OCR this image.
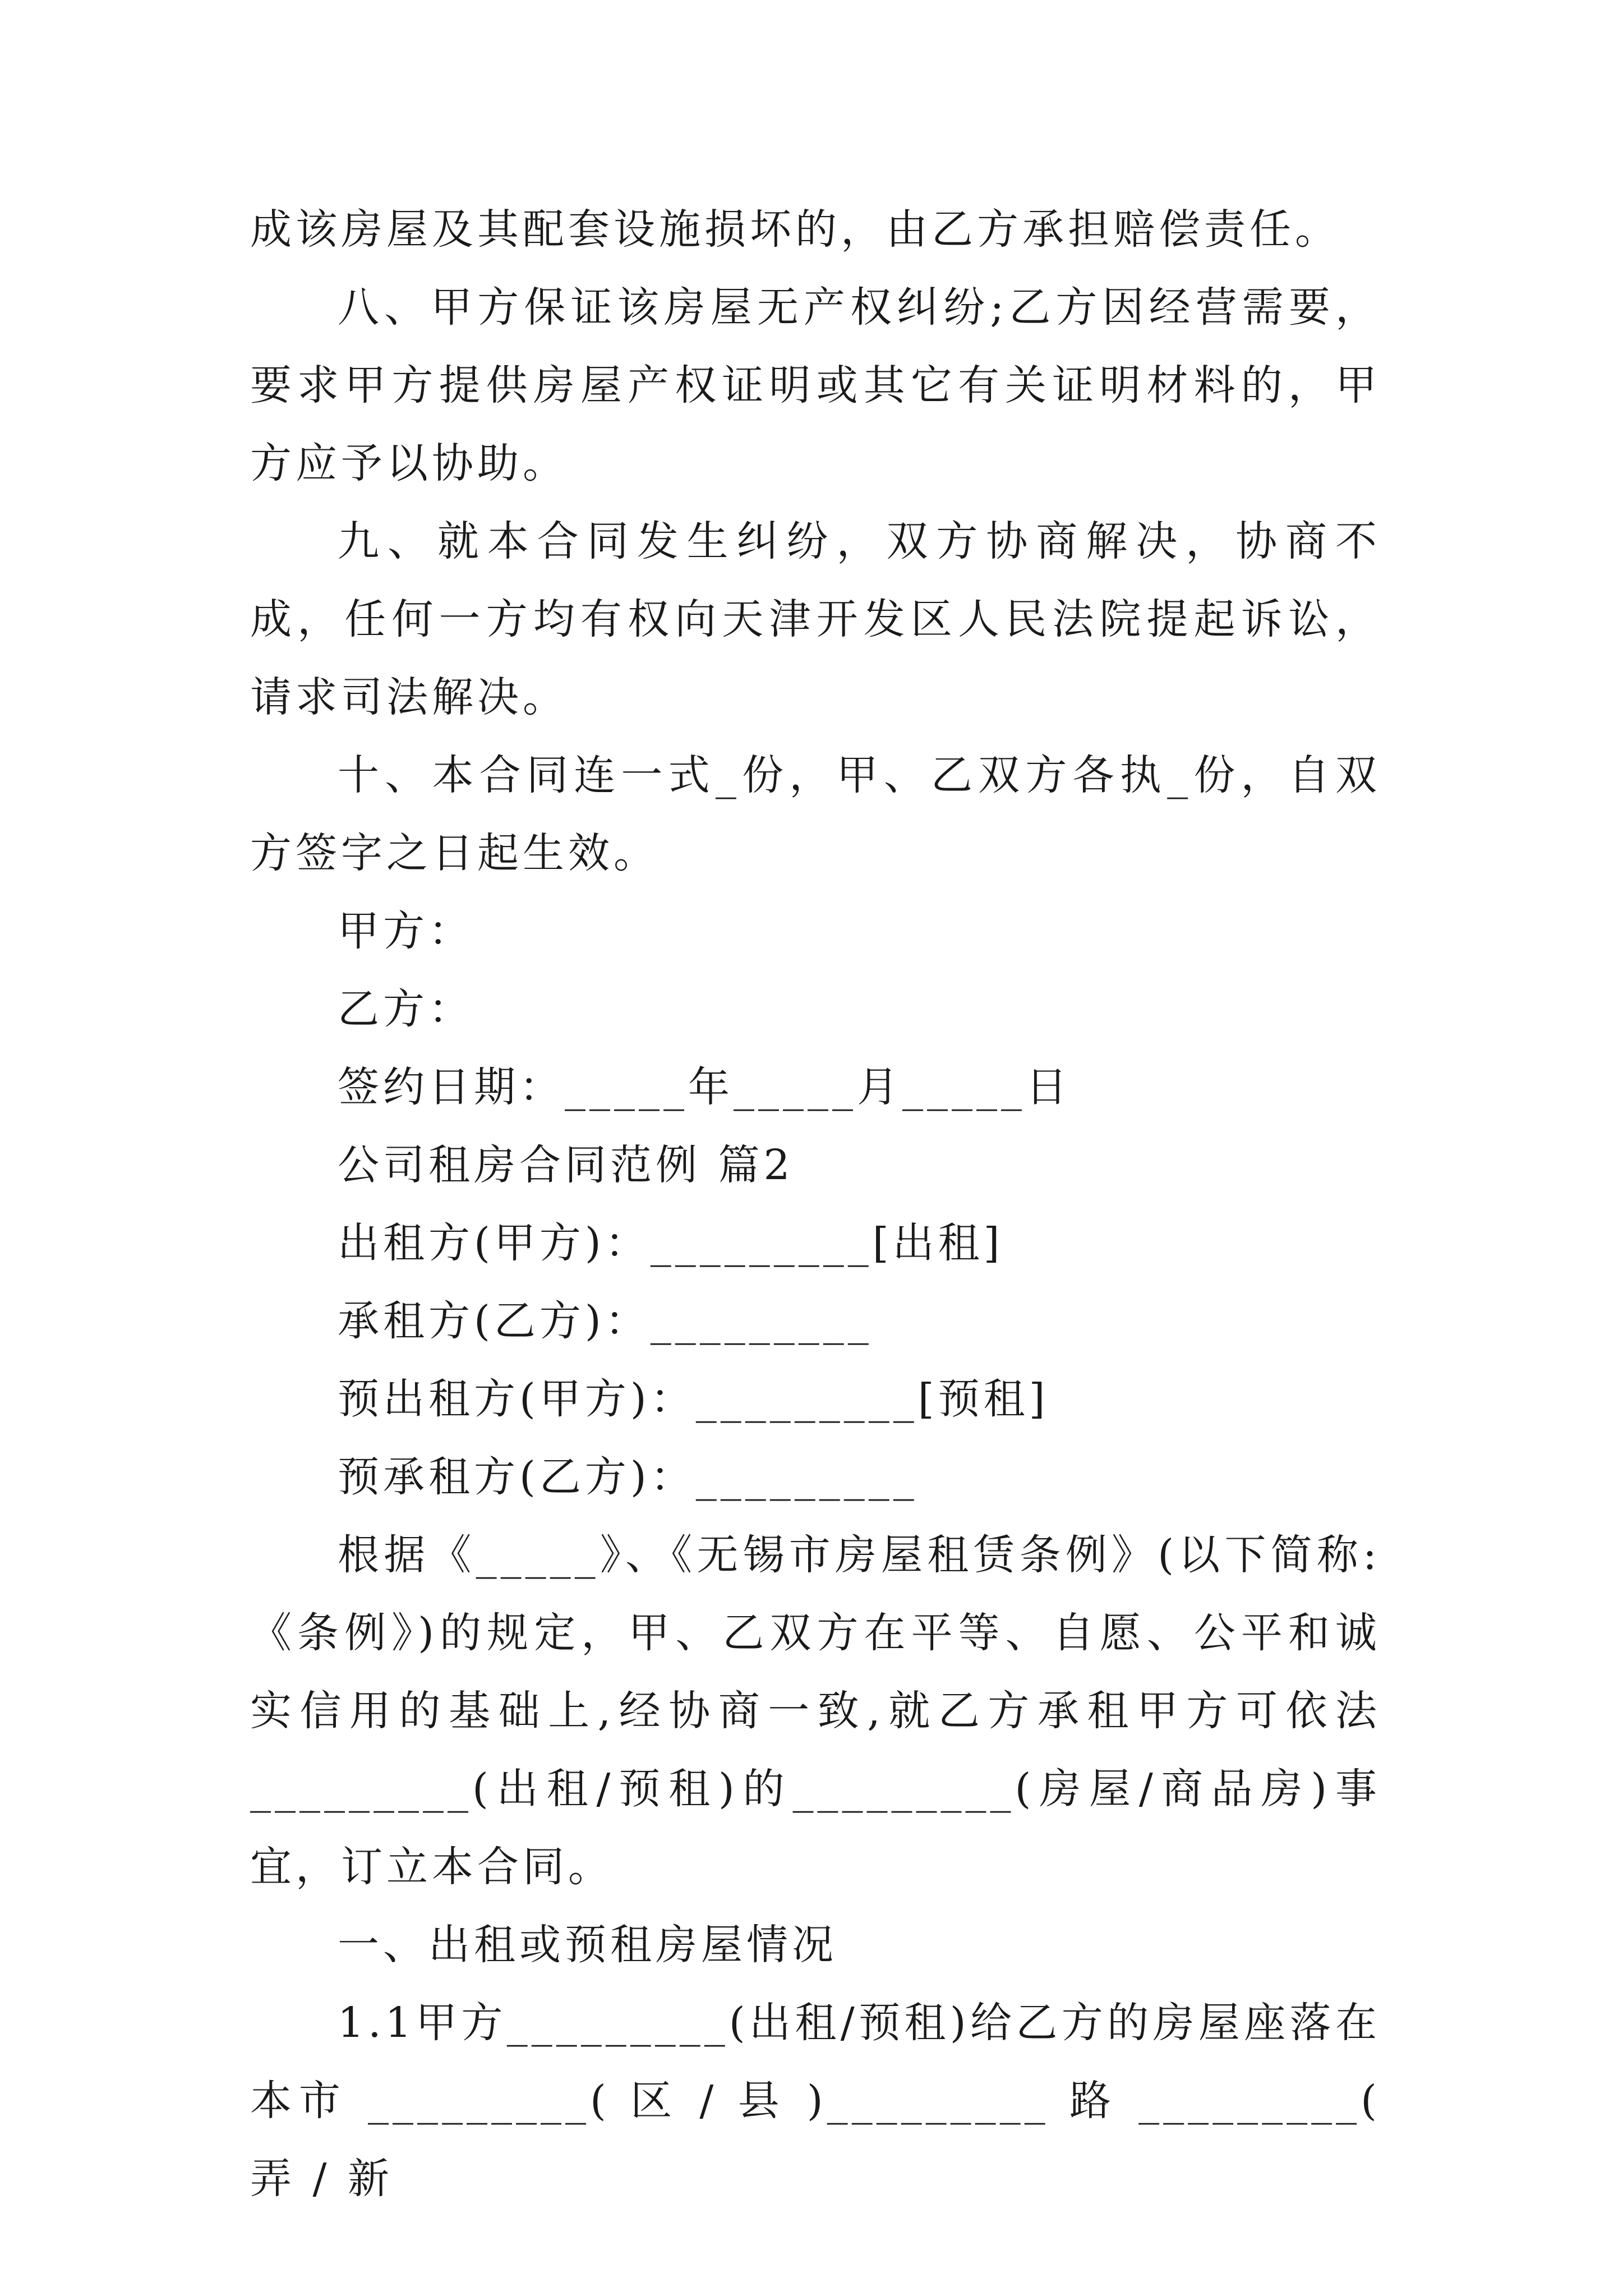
成该房屋及其配套设施损坏的，由乙方承担赔偿责任。

八、甲方保证该房屋无产权纠纷;乙方因经营需要，要求甲方提供房屋产权证明或其它有关证明材料的，甲方应予以协助。

九、就本合同发生纠纷，双方协商解决，协商不成，任何一方均有权向天津开发区人民法院提起诉讼，请求司法解决。

十、本合同连一式_份，甲、乙双方各执_份，自双方签字之日起生效。

甲方：

乙方：

签约日期：_____年_____月_____日

公司租房合同范例 篇2

出租方(甲方)：_________[出租]

承租方(乙方)：_________

预出租方(甲方)：_________[预租]

预承租方(乙方)：_________

根据《_____》、《无锡市房屋租赁条例》(以下简称:《条例》)的规定，甲、乙双方在平等、自愿、公平和诚实信用的基础上,经协商一致,就乙方承租甲方可依法_________(出租/预租)的_________(房屋/商品房)事宜，订立本合同。

一、出租或预租房屋情况

1.1甲方_________(出租/预租)给乙方的房屋座落在本市 _________( 区 / 县 )_________ 路 _________( 弄 / 新
